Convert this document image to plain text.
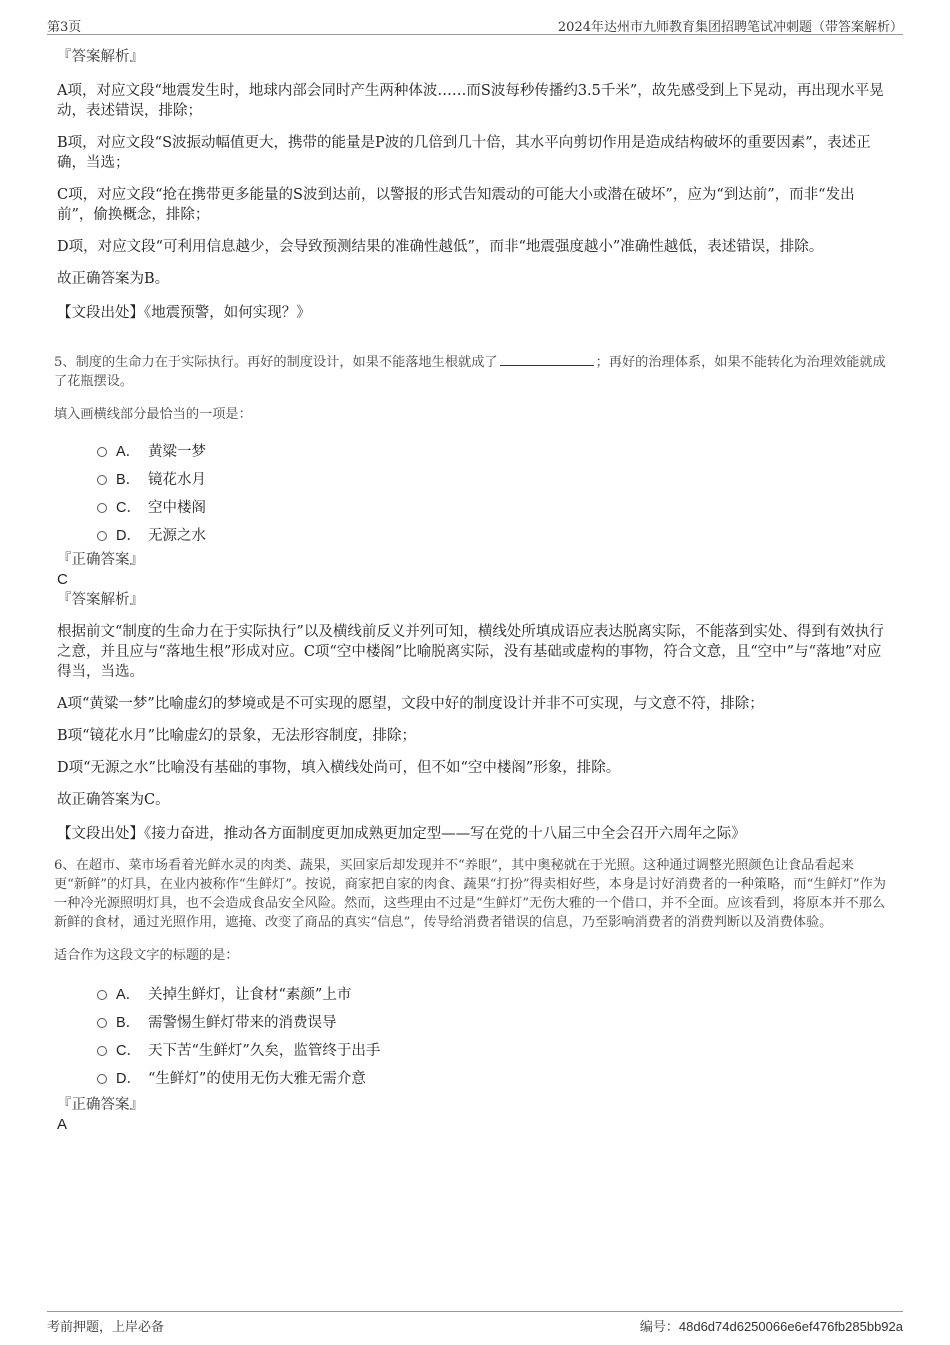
第3页	2024年达州市九师教育集团招聘笔试冲刺题（带答案解析）
『答案解析』
A项，对应文段“地震发生时，地球内部会同时产生两种体波……而S波每秒传播约3.5千米”，故先感受到上下晃动，再出现水平晃动，表述错误，排除；
B项，对应文段“S波振动幅值更大，携带的能量是P波的几倍到几十倍，其水平向剪切作用是造成结构破坏的重要因素”，表述正确，当选；
C项，对应文段“抢在携带更多能量的S波到达前，以警报的形式告知震动的可能大小或潜在破坏”，应为“到达前”，而非“发出前”，偷换概念，排除；
D项，对应文段“可利用信息越少，会导致预测结果的准确性越低”，而非“地震强度越小”准确性越低，表述错误，排除。
故正确答案为B。
【文段出处】《地震预警，如何实现？》
5、制度的生命力在于实际执行。再好的制度设计，如果不能落地生根就成了	；再好的治理体系，如果不能转化为治理效能就成了花瓶摆设。
填入画横线部分最恰当的一项是：
A． 黄粱一梦
B． 镜花水月
C． 空中楼阁
D． 无源之水
『正确答案』
C
『答案解析』
根据前文“制度的生命力在于实际执行”以及横线前反义并列可知，横线处所填成语应表达脱离实际，不能落到实处、得到有效执行之意，并且应与“落地生根”形成对应。C项“空中楼阁”比喻脱离实际，没有基础或虚构的事物，符合文意，且“空中”与“落地”对应得当，当选。
A项“黄粱一梦”比喻虚幻的梦境或是不可实现的愿望，文段中好的制度设计并非不可实现，与文意不符，排除；
B项“镜花水月”比喻虚幻的景象，无法形容制度，排除；
D项“无源之水”比喻没有基础的事物，填入横线处尚可，但不如“空中楼阁”形象，排除。
故正确答案为C。
【文段出处】《接力奋进，推动各方面制度更加成熟更加定型——写在党的十八届三中全会召开六周年之际》
6、在超市、菜市场看着光鲜水灵的肉类、蔬果，买回家后却发现并不“养眼”，其中奥秘就在于光照。这种通过调整光照颜色让食品看起来更“新鲜”的灯具，在业内被称作“生鲜灯”。按说，商家把自家的肉食、蔬果“打扮”得卖相好些，本身是讨好消费者的一种策略，而“生鲜灯”作为一种冷光源照明灯具，也不会造成食品安全风险。然而，这些理由不过是“生鲜灯”无伤大雅的一个借口，并不全面。应该看到，将原本并不那么新鲜的食材，通过光照作用，遮掩、改变了商品的真实“信息”，传导给消费者错误的信息，乃至影响消费者的消费判断以及消费体验。
适合作为这段文字的标题的是：
A． 关掉生鲜灯，让食材“素颜”上市
B． 需警惕生鲜灯带来的消费误导
C． 天下苦“生鲜灯”久矣，监管终于出手
D． “生鲜灯”的使用无伤大雅无需介意
『正确答案』
A
考前押题，上岸必备	编号：48d6d74d6250066e6ef476fb285bb92a
